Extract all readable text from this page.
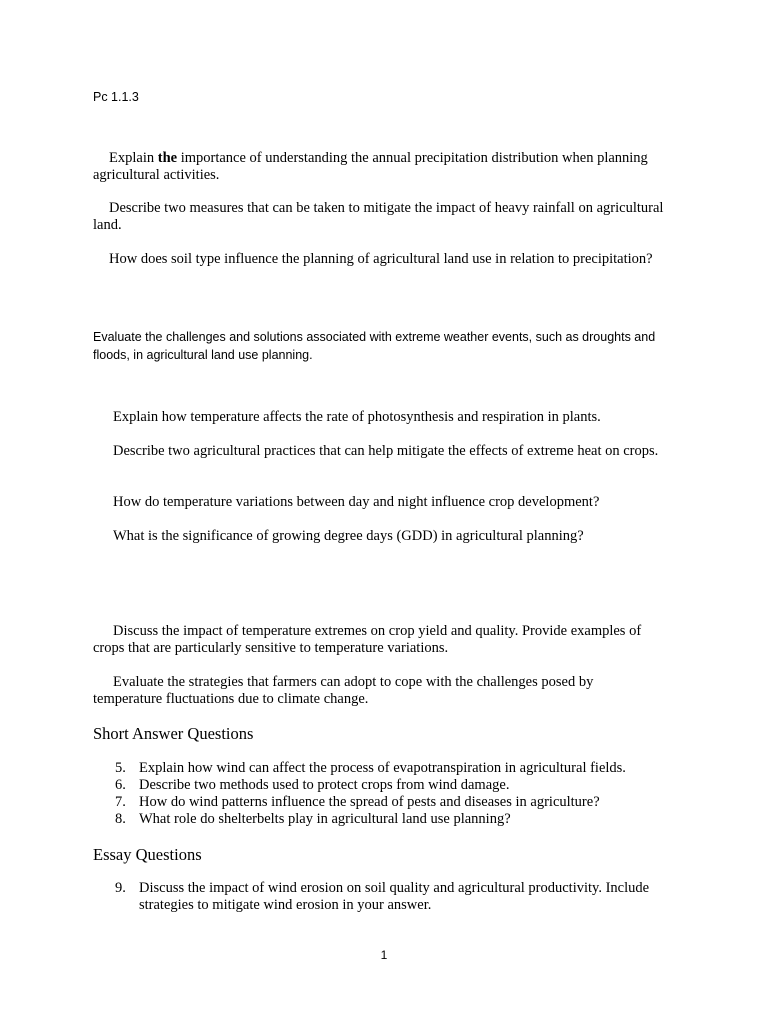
Pc 1.1.3

Explain the importance of understanding the annual precipitation distribution when planning agricultural activities.

Describe two measures that can be taken to mitigate the impact of heavy rainfall on agricultural land.

How does soil type influence the planning of agricultural land use in relation to precipitation?

Evaluate the challenges and solutions associated with extreme weather events, such as droughts and floods, in agricultural land use planning.

Explain how temperature affects the rate of photosynthesis and respiration in plants.

Describe two agricultural practices that can help mitigate the effects of extreme heat on crops.

How do temperature variations between day and night influence crop development?

What is the significance of growing degree days (GDD) in agricultural planning?

Discuss the impact of temperature extremes on crop yield and quality. Provide examples of crops that are particularly sensitive to temperature variations.

Evaluate the strategies that farmers can adopt to cope with the challenges posed by temperature fluctuations due to climate change.

Short Answer Questions
5. Explain how wind can affect the process of evapotranspiration in agricultural fields.
6. Describe two methods used to protect crops from wind damage.
7. How do wind patterns influence the spread of pests and diseases in agriculture?
8. What role do shelterbelts play in agricultural land use planning?
Essay Questions
9. Discuss the impact of wind erosion on soil quality and agricultural productivity. Include strategies to mitigate wind erosion in your answer.
1
